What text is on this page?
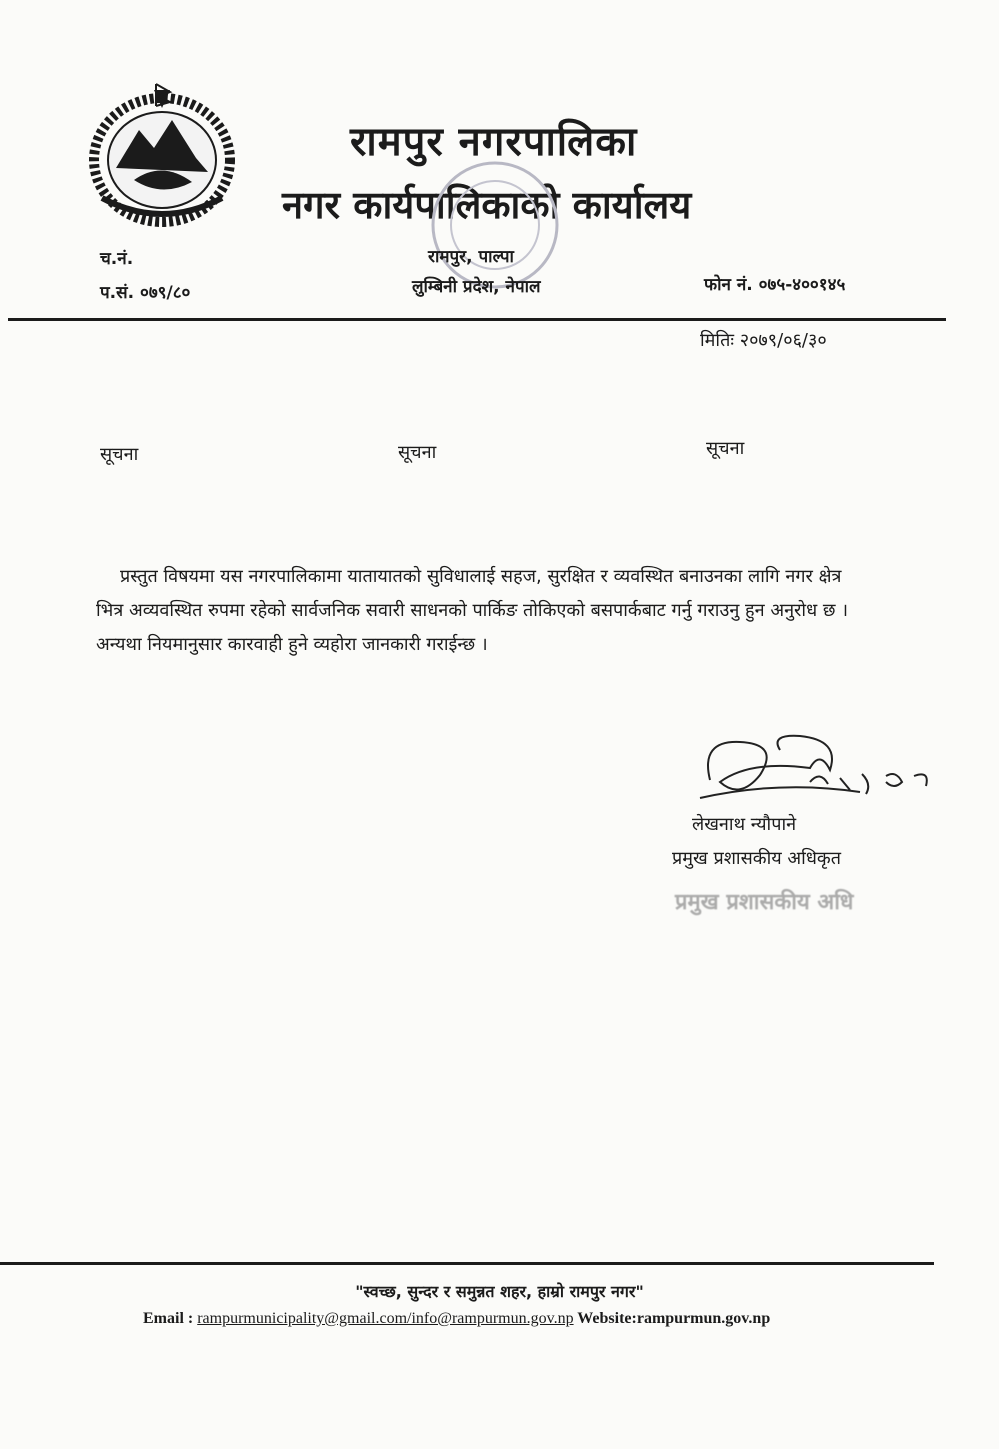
रामपुर नगरपालिका
नगर कार्यपालिकाको कार्यालय
च.नं.
प.सं. ०७९/८०
रामपुर, पाल्पा
लुम्बिनी प्रदेश, नेपाल	फोन नं. ०७५-४००१४५
मितिः २०७९/०६/३०
सूचना	सूचना	सूचना
प्रस्तुत विषयमा यस नगरपालिकामा यातायातको सुविधालाई सहज, सुरक्षित र व्यवस्थित बनाउनका लागि नगर क्षेत्र भित्र अव्यवस्थित रुपमा रहेको सार्वजनिक सवारी साधनको पार्किङ तोकिएको बसपार्कबाट गर्नु गराउनु हुन अनुरोध छ । अन्यथा नियमानुसार कारवाही हुने व्यहोरा जानकारी गराईन्छ ।
लेखनाथ न्यौपाने
प्रमुख प्रशासकीय अधिकृत
प्रमुख प्रशासकीय अधि
"स्वच्छ, सुन्दर र समुन्नत शहर, हाम्रो रामपुर नगर"
Email : rampurmunicipality@gmail.com/info@rampurmun.gov.np Website:rampurmun.gov.np
